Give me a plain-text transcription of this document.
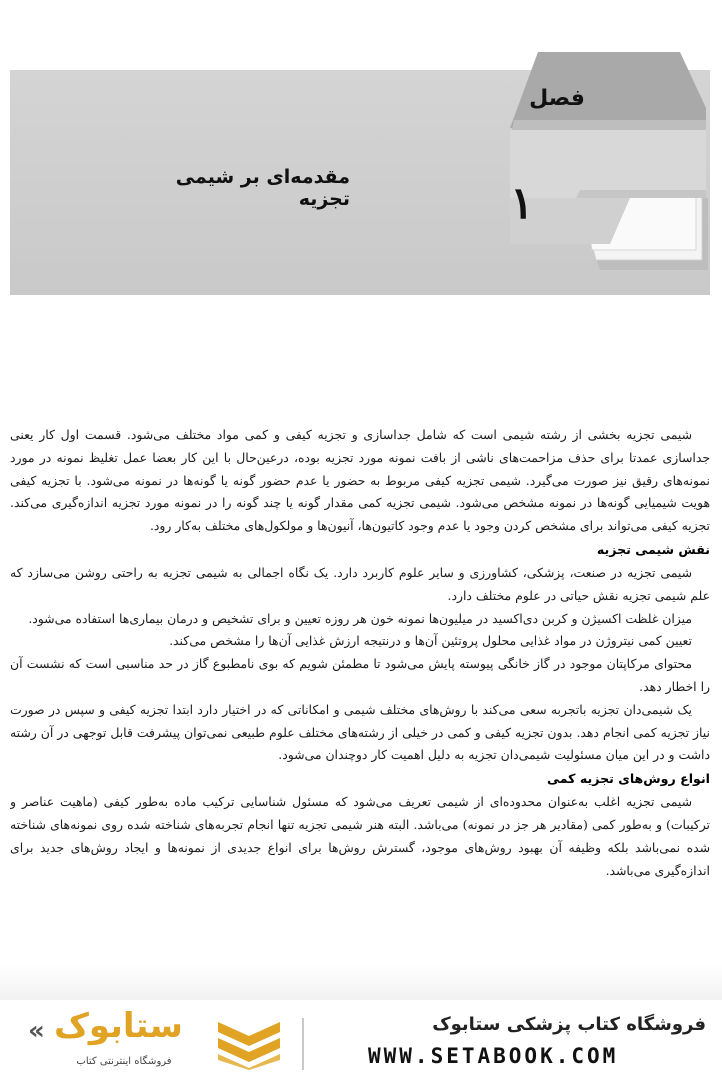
فصل
۱
مقدمه‌ای بر شیمی تجزیه

شیمی تجزیه بخشی از رشته شیمی است که شامل جداسازی و تجزیه کیفی و کمی مواد مختلف می‌شود. قسمت اول کار یعنی جداسازی عمدتا برای حذف مزاحمت‌های ناشی از بافت نمونه مورد تجزیه بوده، درعین‌حال با این کار بعضا عمل تغلیظ نمونه در مورد نمونه‌های رقیق نیز صورت می‌گیرد. شیمی تجزیه کیفی مربوط به حضور یا عدم حضور گونه یا گونه‌ها در نمونه می‌شود. با تجزیه کیفی هویت شیمیایی گونه‌ها در نمونه مشخص می‌شود. شیمی تجزیه کمی مقدار گونه یا چند گونه را در نمونه مورد تجزیه اندازه‌گیری می‌کند. تجزیه کیفی می‌تواند برای مشخص کردن وجود یا عدم وجود کاتیون‌ها، آنیون‌ها و مولکول‌های مختلف به‌کار رود.

نقش شیمی تجزیه

شیمی تجزیه در صنعت، پزشکی، کشاورزی و سایر علوم کاربرد دارد. یک نگاه اجمالی به شیمی تجزیه به راحتی روشن می‌سازد که علم شیمی تجزیه نقش حیاتی در علوم مختلف دارد.

میزان غلظت اکسیژن و کربن دی‌اکسید در میلیون‌ها نمونه خون هر روزه تعیین و برای تشخیص و درمان بیماری‌ها استفاده می‌شود.

تعیین کمی نیتروژن در مواد غذایی محلول پروتئین آن‌ها و درنتیجه ارزش غذایی آن‌ها را مشخص می‌کند.

محتوای مرکاپتان موجود در گاز خانگی پیوسته پایش می‌شود تا مطمئن شویم که بوی نامطبوع گاز در حد مناسبی است که نشست آن را اخطار دهد.

یک شیمی‌دان تجزیه باتجربه سعی می‌کند با روش‌های مختلف شیمی و امکاناتی که در اختیار دارد ابتدا تجزیه کیفی و سپس در صورت نیاز تجزیه کمی انجام دهد. بدون تجزیه کیفی و کمی در خیلی از رشته‌های مختلف علوم طبیعی نمی‌توان پیشرفت قابل توجهی در آن رشته داشت و در این میان مسئولیت شیمی‌دان تجزیه به دلیل اهمیت کار دوچندان می‌شود.

انواع روش‌های تجزیه کمی

شیمی تجزیه اغلب به‌عنوان محدوده‌ای از شیمی تعریف می‌شود که مسئول شناسایی ترکیب ماده به‌طور کیفی (ماهیت عناصر و ترکیبات) و به‌طور کمی (مقادیر هر جز در نمونه) می‌باشد. البته هنر شیمی تجزیه تنها انجام تجربه‌های شناخته شده روی نمونه‌های شناخته شده نمی‌باشد بلکه وظیفه آن بهبود روش‌های موجود، گسترش روش‌ها برای انواع جدیدی از نمونه‌ها و ایجاد روش‌های جدید برای اندازه‌گیری می‌باشد.

فروشگاه کتاب پزشکی ستابوک
WWW.SETABOOK.COM
« ستابوک
فروشگاه اینترنتی کتاب
